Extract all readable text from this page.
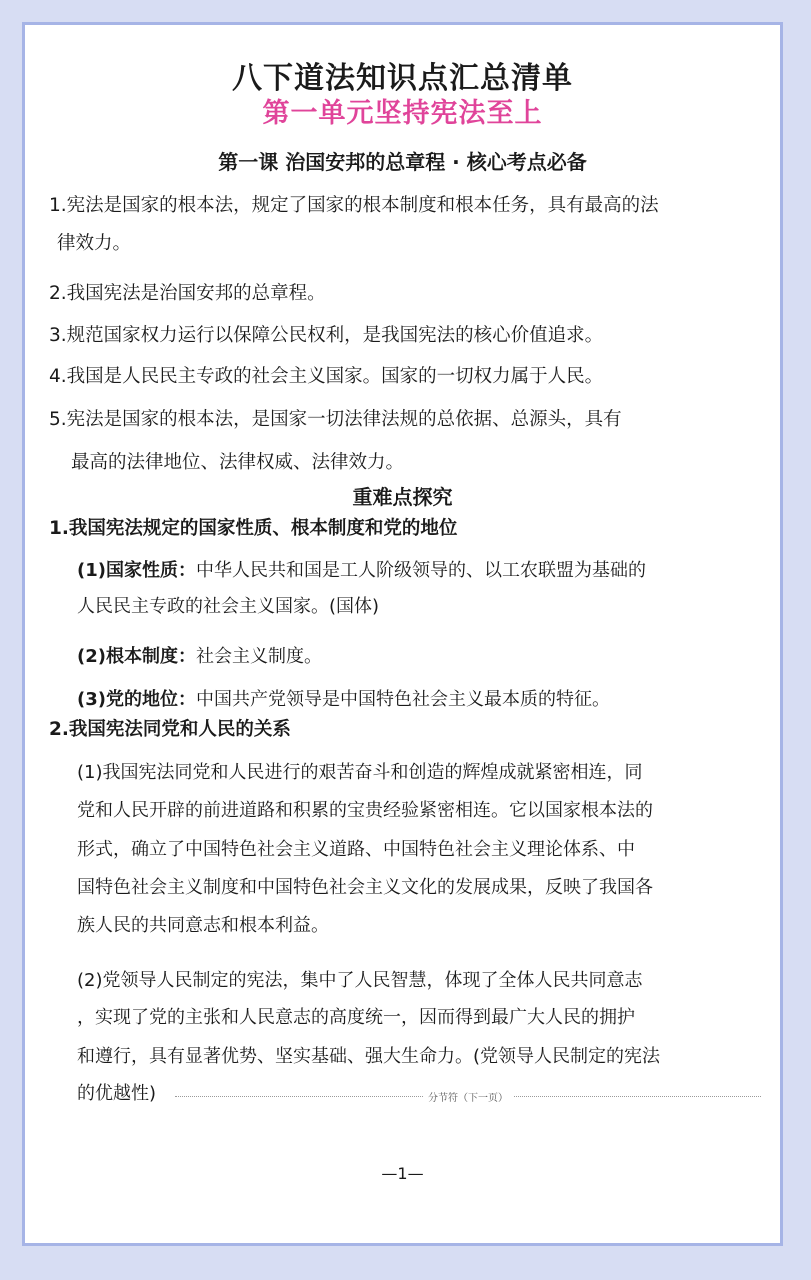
八下道法知识点汇总清单
第一单元坚持宪法至上
第一课 治国安邦的总章程 · 核心考点必备
1.宪法是国家的根本法，规定了国家的根本制度和根本任务，具有最高的法
律效力。
2.我国宪法是治国安邦的总章程。
3.规范国家权力运行以保障公民权利，是我国宪法的核心价值追求。
4.我国是人民民主专政的社会主义国家。国家的一切权力属于人民。
5.宪法是国家的根本法，是国家一切法律法规的总依据、总源头，具有
最高的法律地位、法律权威、法律效力。
重难点探究
1.我国宪法规定的国家性质、根本制度和党的地位
(1)国家性质：中华人民共和国是工人阶级领导的、以工农联盟为基础的
人民民主专政的社会主义国家。(国体)
(2)根本制度：社会主义制度。
(3)党的地位：中国共产党领导是中国特色社会主义最本质的特征。
2.我国宪法同党和人民的关系
(1)我国宪法同党和人民进行的艰苦奋斗和创造的辉煌成就紧密相连，同
党和人民开辟的前进道路和积累的宝贵经验紧密相连。它以国家根本法的
形式，确立了中国特色社会主义道路、中国特色社会主义理论体系、中
国特色社会主义制度和中国特色社会主义文化的发展成果，反映了我国各
族人民的共同意志和根本利益。
(2)党领导人民制定的宪法，集中了人民智慧，体现了全体人民共同意志
，实现了党的主张和人民意志的高度统一，因而得到最广大人民的拥护
和遵行，具有显著优势、坚实基础、强大生命力。(党领导人民制定的宪法
的优越性)	分节符（下一页）
—1—
